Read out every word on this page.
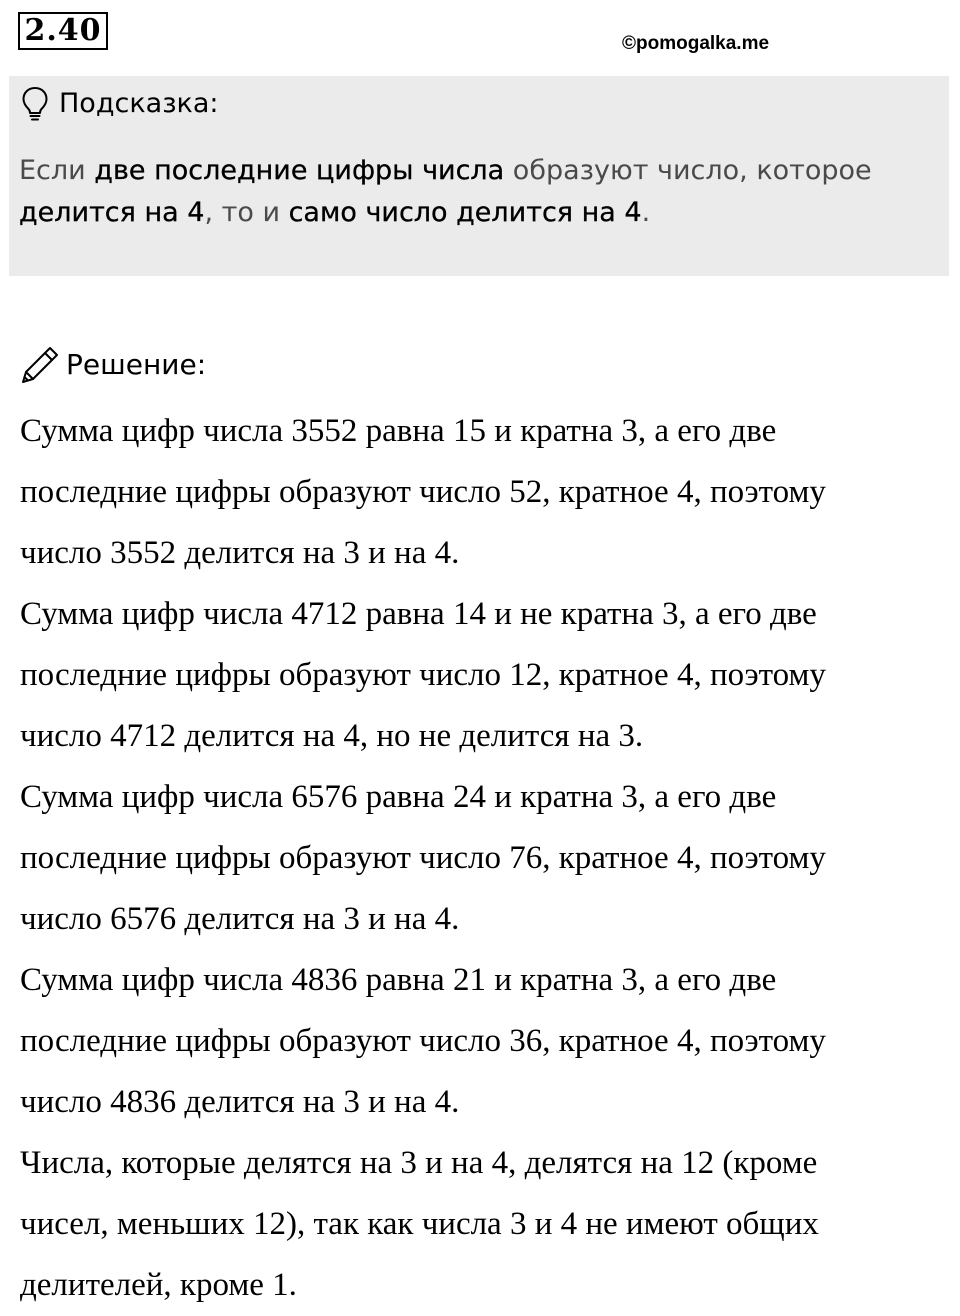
2.40	©pomogalka.me
Подсказка:
Если две последние цифры числа образуют число, которое
делится на 4, то и само число делится на 4.
Решение:
Сумма цифр числа 3552 равна 15 и кратна 3, а его две
последние цифры образуют число 52, кратное 4, поэтому
число 3552 делится на 3 и на 4.
Сумма цифр числа 4712 равна 14 и не кратна 3, а его две
последние цифры образуют число 12, кратное 4, поэтому
число 4712 делится на 4, но не делится на 3.
Сумма цифр числа 6576 равна 24 и кратна 3, а его две
последние цифры образуют число 76, кратное 4, поэтому
число 6576 делится на 3 и на 4.
Сумма цифр числа 4836 равна 21 и кратна 3, а его две
последние цифры образуют число 36, кратное 4, поэтому
число 4836 делится на 3 и на 4.
Числа, которые делятся на 3 и на 4, делятся на 12 (кроме
чисел, меньших 12), так как числа 3 и 4 не имеют общих
делителей, кроме 1.
